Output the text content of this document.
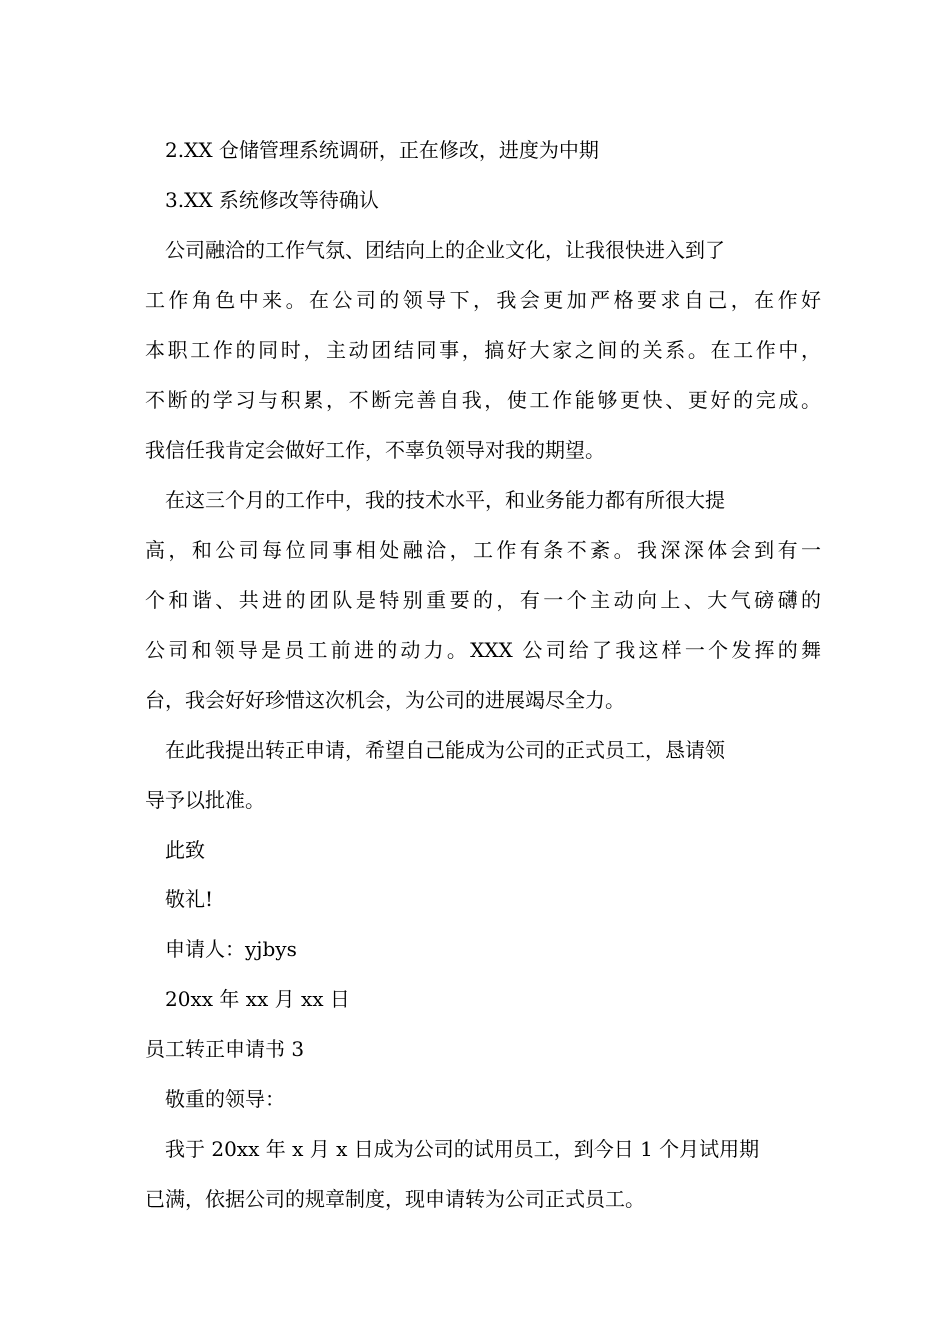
2.XX 仓储管理系统调研，正在修改，进度为中期
3.XX 系统修改等待确认
公司融洽的工作气氛、团结向上的企业文化，让我很快进入到了
工作角色中来。在公司的领导下，我会更加严格要求自己，在作好
本职工作的同时，主动团结同事，搞好大家之间的关系。在工作中，
不断的学习与积累，不断完善自我，使工作能够更快、更好的完成。
我信任我肯定会做好工作，不辜负领导对我的期望。
在这三个月的工作中，我的技术水平，和业务能力都有所很大提
高，和公司每位同事相处融洽，工作有条不紊。我深深体会到有一
个和谐、共进的团队是特别重要的，有一个主动向上、大气磅礴的
公司和领导是员工前进的动力。XXX 公司给了我这样一个发挥的舞
台，我会好好珍惜这次机会，为公司的进展竭尽全力。
在此我提出转正申请，希望自己能成为公司的正式员工，恳请领
导予以批准。
此致
敬礼!
申请人：yjbys
20xx 年 xx 月 xx 日
员工转正申请书 3
敬重的领导：
我于 20xx 年 x 月 x 日成为公司的试用员工，到今日 1 个月试用期
已满，依据公司的规章制度，现申请转为公司正式员工。
